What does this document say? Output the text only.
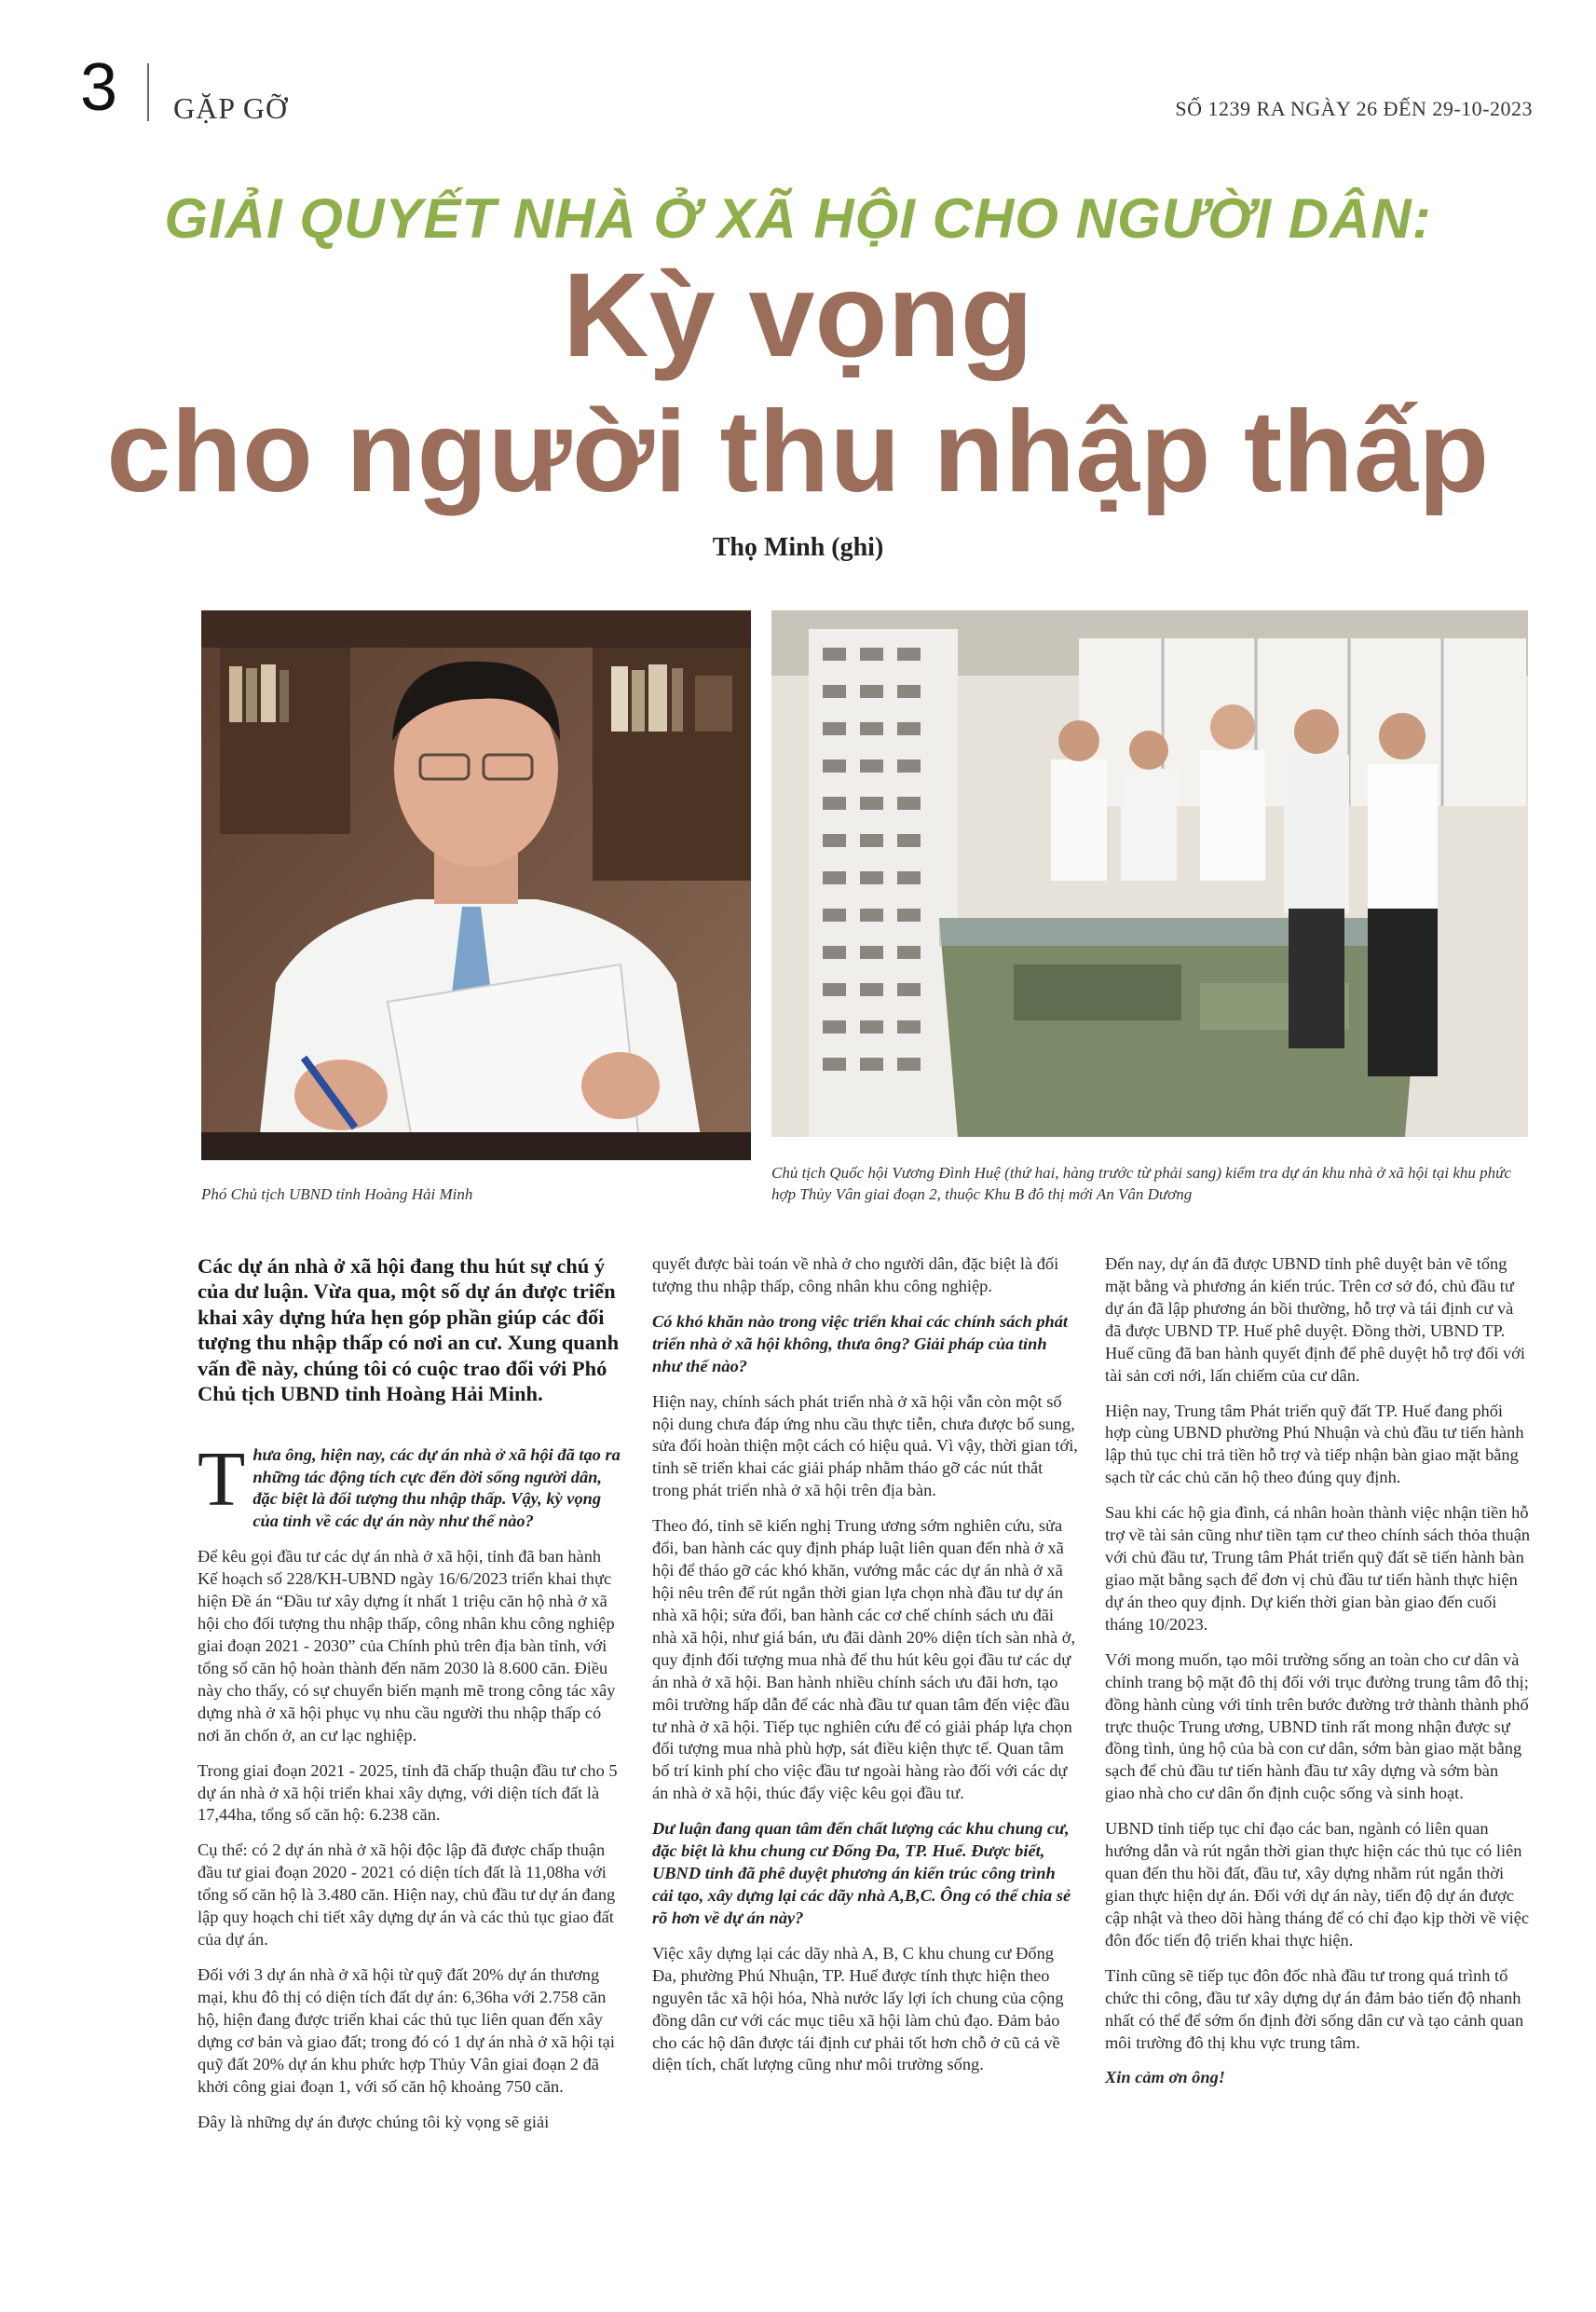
3 GẶP GỠ	SỐ 1239 RA NGÀY 26 ĐẾN 29-10-2023
GIẢI QUYẾT NHÀ Ở XÃ HỘI CHO NGƯỜI DÂN:
Kỳ vọng
cho người thu nhập thấp
Thọ Minh (ghi)
Phó Chủ tịch UBND tỉnh Hoàng Hải Minh
Chủ tịch Quốc hội Vương Đình Huệ (thứ hai, hàng trước từ phải sang) kiểm tra dự án khu nhà ở xã hội tại khu phức hợp Thủy Vân giai đoạn 2, thuộc Khu B đô thị mới An Vân Dương

Các dự án nhà ở xã hội đang thu hút sự chú ý của dư luận. Vừa qua, một số dự án được triển khai xây dựng hứa hẹn góp phần giúp các đối tượng thu nhập thấp có nơi an cư. Xung quanh vấn đề này, chúng tôi có cuộc trao đổi với Phó Chủ tịch UBND tỉnh Hoàng Hải Minh.

Thưa ông, hiện nay, các dự án nhà ở xã hội đã tạo ra những tác động tích cực đến đời sống người dân, đặc biệt là đối tượng thu nhập thấp. Vậy, kỳ vọng của tỉnh về các dự án này như thế nào?

Để kêu gọi đầu tư các dự án nhà ở xã hội, tỉnh đã ban hành Kế hoạch số 228/KH-UBND ngày 16/6/2023 triển khai thực hiện Đề án “Đầu tư xây dựng ít nhất 1 triệu căn hộ nhà ở xã hội cho đối tượng thu nhập thấp, công nhân khu công nghiệp giai đoạn 2021 - 2030” của Chính phủ trên địa bàn tỉnh, với tổng số căn hộ hoàn thành đến năm 2030 là 8.600 căn. Điều này cho thấy, có sự chuyển biến mạnh mẽ trong công tác xây dựng nhà ở xã hội phục vụ nhu cầu người thu nhập thấp có nơi ăn chốn ở, an cư lạc nghiệp.

Trong giai đoạn 2021 - 2025, tỉnh đã chấp thuận đầu tư cho 5 dự án nhà ở xã hội triển khai xây dựng, với diện tích đất là 17,44ha, tổng số căn hộ: 6.238 căn.

Cụ thể: có 2 dự án nhà ở xã hội độc lập đã được chấp thuận đầu tư giai đoạn 2020 - 2021 có diện tích đất là 11,08ha với tổng số căn hộ là 3.480 căn. Hiện nay, chủ đầu tư dự án đang lập quy hoạch chi tiết xây dựng dự án và các thủ tục giao đất của dự án.

Đối với 3 dự án nhà ở xã hội từ quỹ đất 20% dự án thương mại, khu đô thị có diện tích đất dự án: 6,36ha với 2.758 căn hộ, hiện đang được triển khai các thủ tục liên quan đến xây dựng cơ bản và giao đất; trong đó có 1 dự án nhà ở xã hội tại quỹ đất 20% dự án khu phức hợp Thủy Vân giai đoạn 2 đã khởi công giai đoạn 1, với số căn hộ khoảng 750 căn.

Đây là những dự án được chúng tôi kỳ vọng sẽ giải

quyết được bài toán về nhà ở cho người dân, đặc biệt là đối tượng thu nhập thấp, công nhân khu công nghiệp.

Có khó khăn nào trong việc triển khai các chính sách phát triển nhà ở xã hội không, thưa ông? Giải pháp của tỉnh như thế nào?

Hiện nay, chính sách phát triển nhà ở xã hội vẫn còn một số nội dung chưa đáp ứng nhu cầu thực tiễn, chưa được bổ sung, sửa đổi hoàn thiện một cách có hiệu quả. Vì vậy, thời gian tới, tỉnh sẽ triển khai các giải pháp nhằm tháo gỡ các nút thắt trong phát triển nhà ở xã hội trên địa bàn.

Theo đó, tỉnh sẽ kiến nghị Trung ương sớm nghiên cứu, sửa đổi, ban hành các quy định pháp luật liên quan đến nhà ở xã hội để tháo gỡ các khó khăn, vướng mắc các dự án nhà ở xã hội nêu trên để rút ngắn thời gian lựa chọn nhà đầu tư dự án nhà xã hội; sửa đổi, ban hành các cơ chế chính sách ưu đãi nhà xã hội, như giá bán, ưu đãi dành 20% diện tích sàn nhà ở, quy định đối tượng mua nhà để thu hút kêu gọi đầu tư các dự án nhà ở xã hội. Ban hành nhiều chính sách ưu đãi hơn, tạo môi trường hấp dẫn để các nhà đầu tư quan tâm đến việc đầu tư nhà ở xã hội. Tiếp tục nghiên cứu để có giải pháp lựa chọn đối tượng mua nhà phù hợp, sát điều kiện thực tế. Quan tâm bố trí kinh phí cho việc đầu tư ngoài hàng rào đối với các dự án nhà ở xã hội, thúc đẩy việc kêu gọi đầu tư.

Dư luận đang quan tâm đến chất lượng các khu chung cư, đặc biệt là khu chung cư Đống Đa, TP. Huế. Được biết, UBND tỉnh đã phê duyệt phương án kiến trúc công trình cải tạo, xây dựng lại các dãy nhà A,B,C. Ông có thể chia sẻ rõ hơn về dự án này?

Việc xây dựng lại các dãy nhà A, B, C khu chung cư Đống Đa, phường Phú Nhuận, TP. Huế được tính thực hiện theo nguyên tắc xã hội hóa, Nhà nước lấy lợi ích chung của cộng đồng dân cư với các mục tiêu xã hội làm chủ đạo. Đảm bảo cho các hộ dân được tái định cư phải tốt hơn chỗ ở cũ cả về diện tích, chất lượng cũng như môi trường sống.

Đến nay, dự án đã được UBND tỉnh phê duyệt bản vẽ tổng mặt bằng và phương án kiến trúc. Trên cơ sở đó, chủ đầu tư dự án đã lập phương án bồi thường, hỗ trợ và tái định cư và đã được UBND TP. Huế phê duyệt. Đồng thời, UBND TP. Huế cũng đã ban hành quyết định để phê duyệt hỗ trợ đối với tài sản cơi nới, lấn chiếm của cư dân.

Hiện nay, Trung tâm Phát triển quỹ đất TP. Huế đang phối hợp cùng UBND phường Phú Nhuận và chủ đầu tư tiến hành lập thủ tục chi trả tiền hỗ trợ và tiếp nhận bàn giao mặt bằng sạch từ các chủ căn hộ theo đúng quy định.

Sau khi các hộ gia đình, cá nhân hoàn thành việc nhận tiền hỗ trợ về tài sản cũng như tiền tạm cư theo chính sách thỏa thuận với chủ đầu tư, Trung tâm Phát triển quỹ đất sẽ tiến hành bàn giao mặt bằng sạch để đơn vị chủ đầu tư tiến hành thực hiện dự án theo quy định. Dự kiến thời gian bàn giao đến cuối tháng 10/2023.

Với mong muốn, tạo môi trường sống an toàn cho cư dân và chỉnh trang bộ mặt đô thị đối với trục đường trung tâm đô thị; đồng hành cùng với tỉnh trên bước đường trở thành thành phố trực thuộc Trung ương, UBND tỉnh rất mong nhận được sự đồng tình, ủng hộ của bà con cư dân, sớm bàn giao mặt bằng sạch để chủ đầu tư tiến hành đầu tư xây dựng và sớm bàn giao nhà cho cư dân ổn định cuộc sống và sinh hoạt.

UBND tỉnh tiếp tục chỉ đạo các ban, ngành có liên quan hướng dẫn và rút ngắn thời gian thực hiện các thủ tục có liên quan đến thu hồi đất, đầu tư, xây dựng nhằm rút ngắn thời gian thực hiện dự án. Đối với dự án này, tiến độ dự án được cập nhật và theo dõi hàng tháng để có chỉ đạo kịp thời về việc đôn đốc tiến độ triển khai thực hiện.

Tỉnh cũng sẽ tiếp tục đôn đốc nhà đầu tư trong quá trình tổ chức thi công, đầu tư xây dựng dự án đảm bảo tiến độ nhanh nhất có thể để sớm ổn định đời sống dân cư và tạo cảnh quan môi trường đô thị khu vực trung tâm.

Xin cảm ơn ông!
